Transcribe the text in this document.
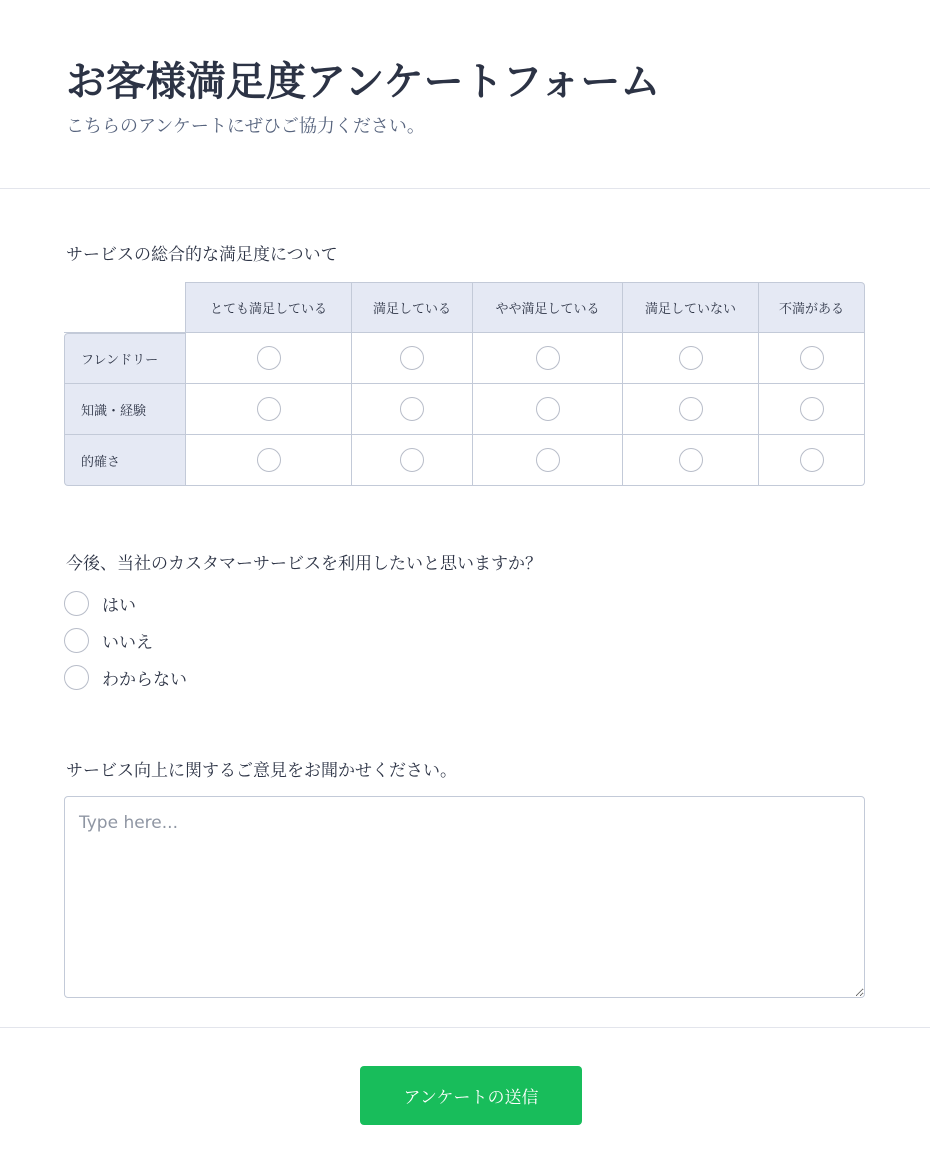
お客様満足度アンケートフォーム
こちらのアンケートにぜひご協力ください。
サービスの総合的な満足度について
	とても満足している	満足している	やや満足している	満足していない	不満がある
フレンドリー					
知識・経験					
的確さ					
今後、当社のカスタマーサービスを利用したいと思いますか？
はい
いいえ
わからない
サービス向上に関するご意見をお聞かせください。
Type here...
アンケートの送信
